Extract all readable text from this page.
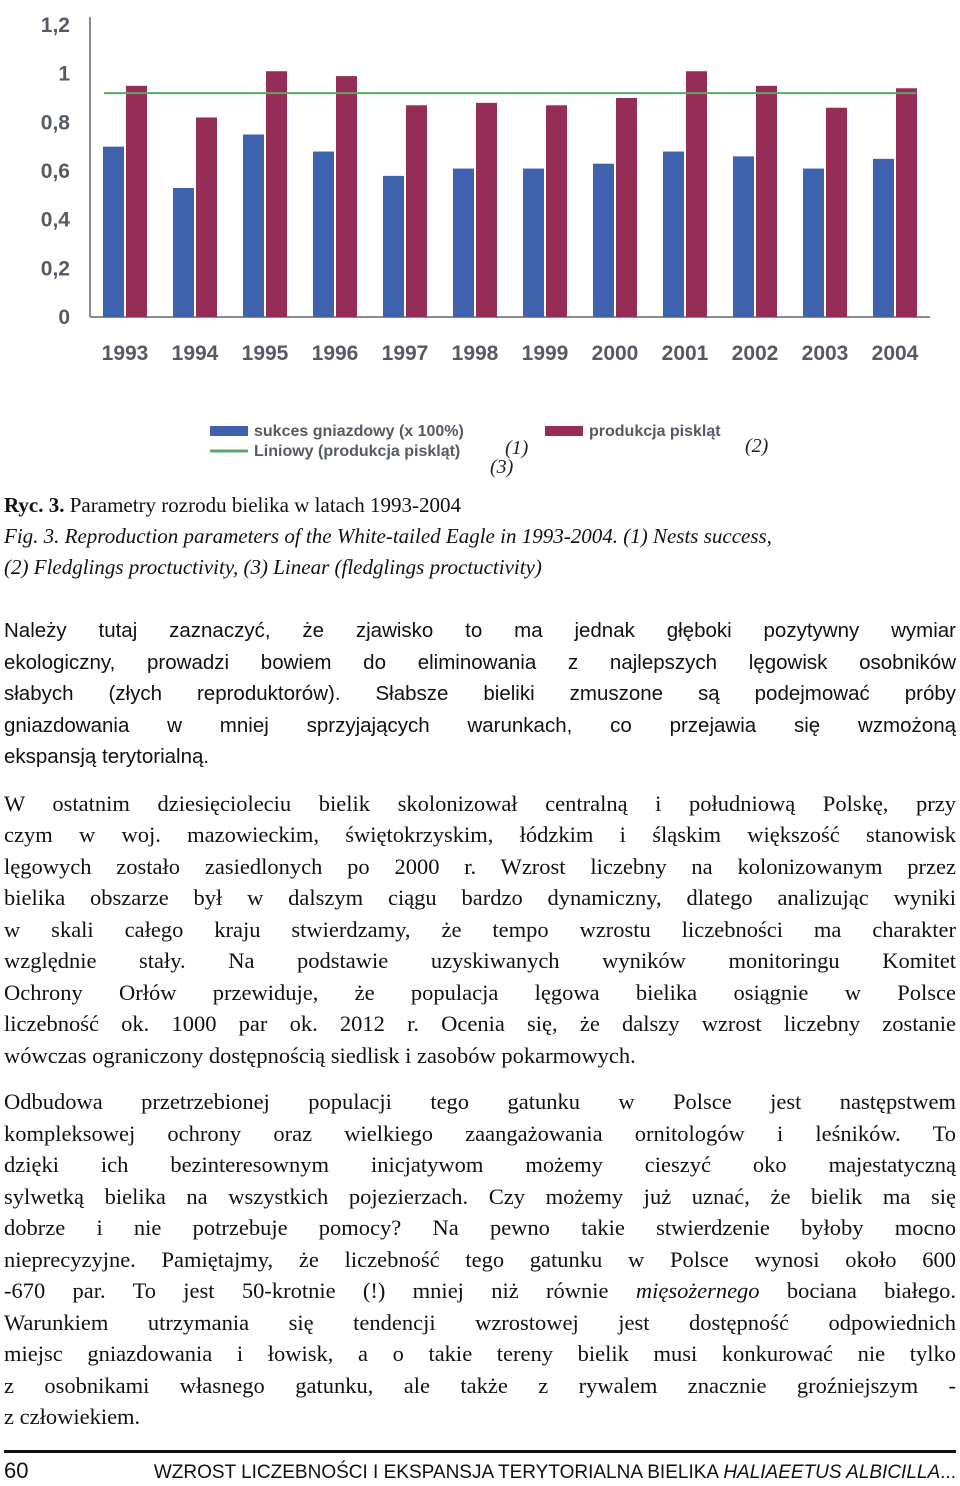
1,2
1
0,8
0,6
0,4
0,2
0
1993 1994 1995 1996 1997 1998 1999 2000 2001 2002 2003 2004
sukces gniazdowy (x 100%)
Liniowy (produkcja piskląt)
produkcja piskląt
(1)	(2)
(3)
Ryc. 3. Parametry rozrodu bielika w latach 1993-2004
Fig. 3. Reproduction parameters of the White-tailed Eagle in 1993-2004. (1) Nests success,
(2) Fledglings proctuctivity, (3) Linear (fledglings proctuctivity)
Należy tutaj zaznaczyć, że zjawisko to ma jednak głęboki pozytywny wymiar
ekologiczny, prowadzi bowiem do eliminowania z najlepszych lęgowisk osobników
słabych (złych reproduktorów). Słabsze bieliki zmuszone są podejmować próby
gniazdowania w mniej sprzyjających warunkach, co przejawia się wzmożoną
ekspansją terytorialną.
W ostatnim dziesięcioleciu bielik skolonizował centralną i południową Polskę, przy
czym w woj. mazowieckim, świętokrzyskim, łódzkim i śląskim większość stanowisk
lęgowych zostało zasiedlonych po 2000 r. Wzrost liczebny na kolonizowanym przez
bielika obszarze był w dalszym ciągu bardzo dynamiczny, dlatego analizując wyniki
w skali całego kraju stwierdzamy, że tempo wzrostu liczebności ma charakter
względnie stały. Na podstawie uzyskiwanych wyników monitoringu Komitet
Ochrony Orłów przewiduje, że populacja lęgowa bielika osiągnie w Polsce
liczebność ok. 1000 par ok. 2012 r. Ocenia się, że dalszy wzrost liczebny zostanie
wówczas ograniczony dostępnością siedlisk i zasobów pokarmowych.
Odbudowa przetrzebionej populacji tego gatunku w Polsce jest następstwem
kompleksowej ochrony oraz wielkiego zaangażowania ornitologów i leśników. To
dzięki ich bezinteresownym inicjatywom możemy cieszyć oko majestatyczną
sylwetką bielika na wszystkich pojezierzach. Czy możemy już uznać, że bielik ma się
dobrze i nie potrzebuje pomocy? Na pewno takie stwierdzenie byłoby mocno
nieprecyzyjne. Pamiętajmy, że liczebność tego gatunku w Polsce wynosi około 600
-670 par. To jest 50-krotnie (!) mniej niż równie mięsożernego bociana białego.
Warunkiem utrzymania się tendencji wzrostowej jest dostępność odpowiednich
miejsc gniazdowania i łowisk, a o takie tereny bielik musi konkurować nie tylko
z osobnikami własnego gatunku, ale także z rywalem znacznie groźniejszym -
z człowiekiem.
60	WZROST LICZEBNOŚCI I EKSPANSJA TERYTORIALNA BIELIKA HALIAEETUS ALBICILLA...
